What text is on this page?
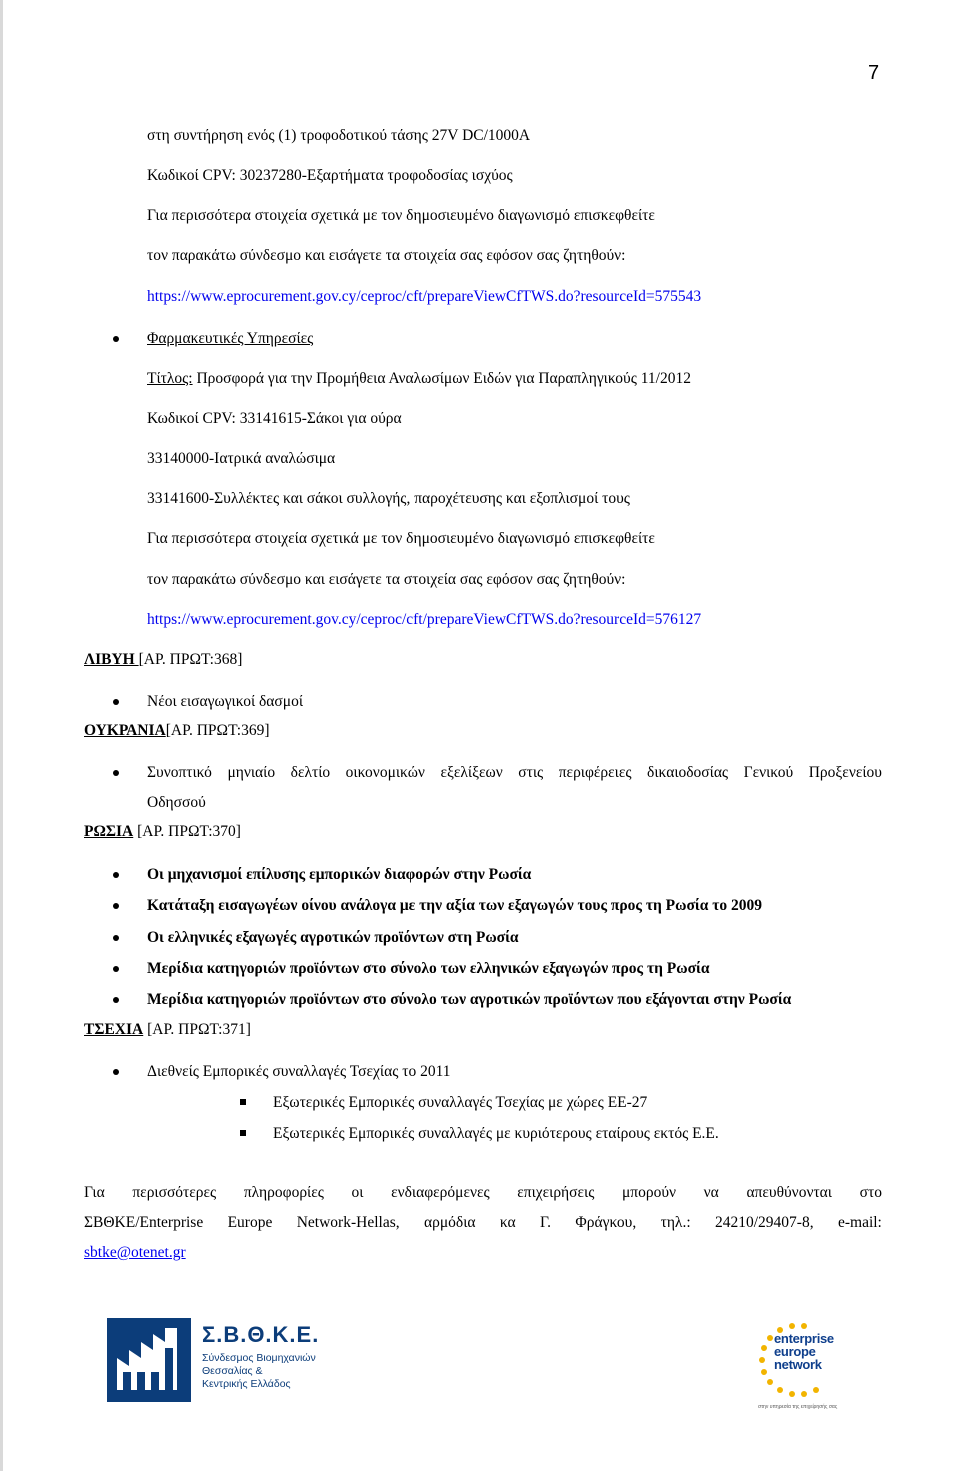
7
στη συντήρηση ενός (1) τροφοδοτικού τάσης 27V DC/1000A
Κωδικοί CPV: 30237280-Εξαρτήματα τροφοδοσίας ισχύος
Για περισσότερα στοιχεία σχετικά με τον δημοσιευμένο διαγωνισμό επισκεφθείτε
τον παρακάτω σύνδεσμο και εισάγετε τα στοιχεία σας εφόσον σας ζητηθούν:
https://www.eprocurement.gov.cy/ceproc/cft/prepareViewCfTWS.do?resourceId=575543
Φαρμακευτικές Υπηρεσίες
Τίτλος: Προσφορά για την Προμήθεια Αναλωσίμων Ειδών για Παραπληγικούς 11/2012
Κωδικοί CPV: 33141615-Σάκοι για ούρα
33140000-Ιατρικά αναλώσιμα
33141600-Συλλέκτες και σάκοι συλλογής, παροχέτευσης και εξοπλισμοί τους
Για περισσότερα στοιχεία σχετικά με τον δημοσιευμένο διαγωνισμό επισκεφθείτε
τον παρακάτω σύνδεσμο και εισάγετε τα στοιχεία σας εφόσον σας ζητηθούν:
https://www.eprocurement.gov.cy/ceproc/cft/prepareViewCfTWS.do?resourceId=576127
ΛΙΒΥΗ [ΑΡ. ΠΡΩΤ:368]
Νέοι εισαγωγικοί δασμοί
ΟΥΚΡΑΝΙΑ[ΑΡ. ΠΡΩΤ:369]
Συνοπτικό μηνιαίο δελτίο οικονομικών εξελίξεων στις περιφέρειες δικαιοδοσίας Γενικού Προξενείου
Οδησσού
ΡΩΣΙΑ [ΑΡ. ΠΡΩΤ:370]
Οι μηχανισμοί επίλυσης εμπορικών διαφορών στην Ρωσία
Κατάταξη εισαγωγέων οίνου ανάλογα με την αξία των εξαγωγών τους προς τη Ρωσία το 2009
Οι ελληνικές εξαγωγές αγροτικών προϊόντων στη Ρωσία
Μερίδια κατηγοριών προϊόντων στο σύνολο των ελληνικών εξαγωγών προς τη Ρωσία
Μερίδια κατηγοριών προϊόντων στο σύνολο των αγροτικών προϊόντων που εξάγονται στην Ρωσία
ΤΣΕΧΙΑ [ΑΡ. ΠΡΩΤ:371]
Διεθνείς Εμπορικές συναλλαγές Τσεχίας το 2011
Εξωτερικές Εμπορικές συναλλαγές Τσεχίας με χώρες ΕΕ-27
Εξωτερικές Εμπορικές συναλλαγές με κυριότερους εταίρους εκτός Ε.Ε.
Για περισσότερες πληροφορίες οι ενδιαφερόμενες επιχειρήσεις μπορούν να απευθύνονται στο
ΣΒΘΚΕ/Enterprise Europe Network-Hellas, αρμόδια κα Γ. Φράγκου, τηλ.: 24210/29407-8, e-mail:
sbtke@otenet.gr
Σ.Β.Θ.Κ.Ε.
Σύνδεσμος Βιομηχανιών
Θεσσαλίας &
Κεντρικής Ελλάδος
enterprise
europe
network
στην υπηρεσία της επιχείρησής σας
